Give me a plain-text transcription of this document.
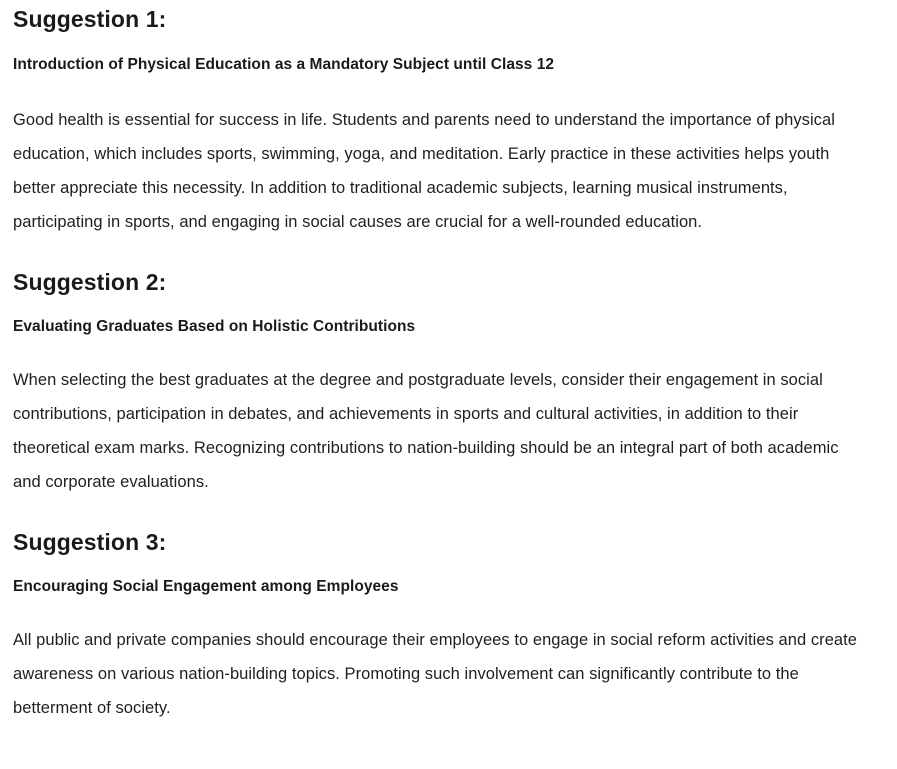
Suggestion 1:
Introduction of Physical Education as a Mandatory Subject until Class 12

Good health is essential for success in life. Students and parents need to understand the importance of physical education, which includes sports, swimming, yoga, and meditation. Early practice in these activities helps youth better appreciate this necessity. In addition to traditional academic subjects, learning musical instruments, participating in sports, and engaging in social causes are crucial for a well-rounded education.

Suggestion 2:
Evaluating Graduates Based on Holistic Contributions

When selecting the best graduates at the degree and postgraduate levels, consider their engagement in social contributions, participation in debates, and achievements in sports and cultural activities, in addition to their theoretical exam marks. Recognizing contributions to nation-building should be an integral part of both academic and corporate evaluations.

Suggestion 3:
Encouraging Social Engagement among Employees

All public and private companies should encourage their employees to engage in social reform activities and create awareness on various nation-building topics. Promoting such involvement can significantly contribute to the betterment of society.
